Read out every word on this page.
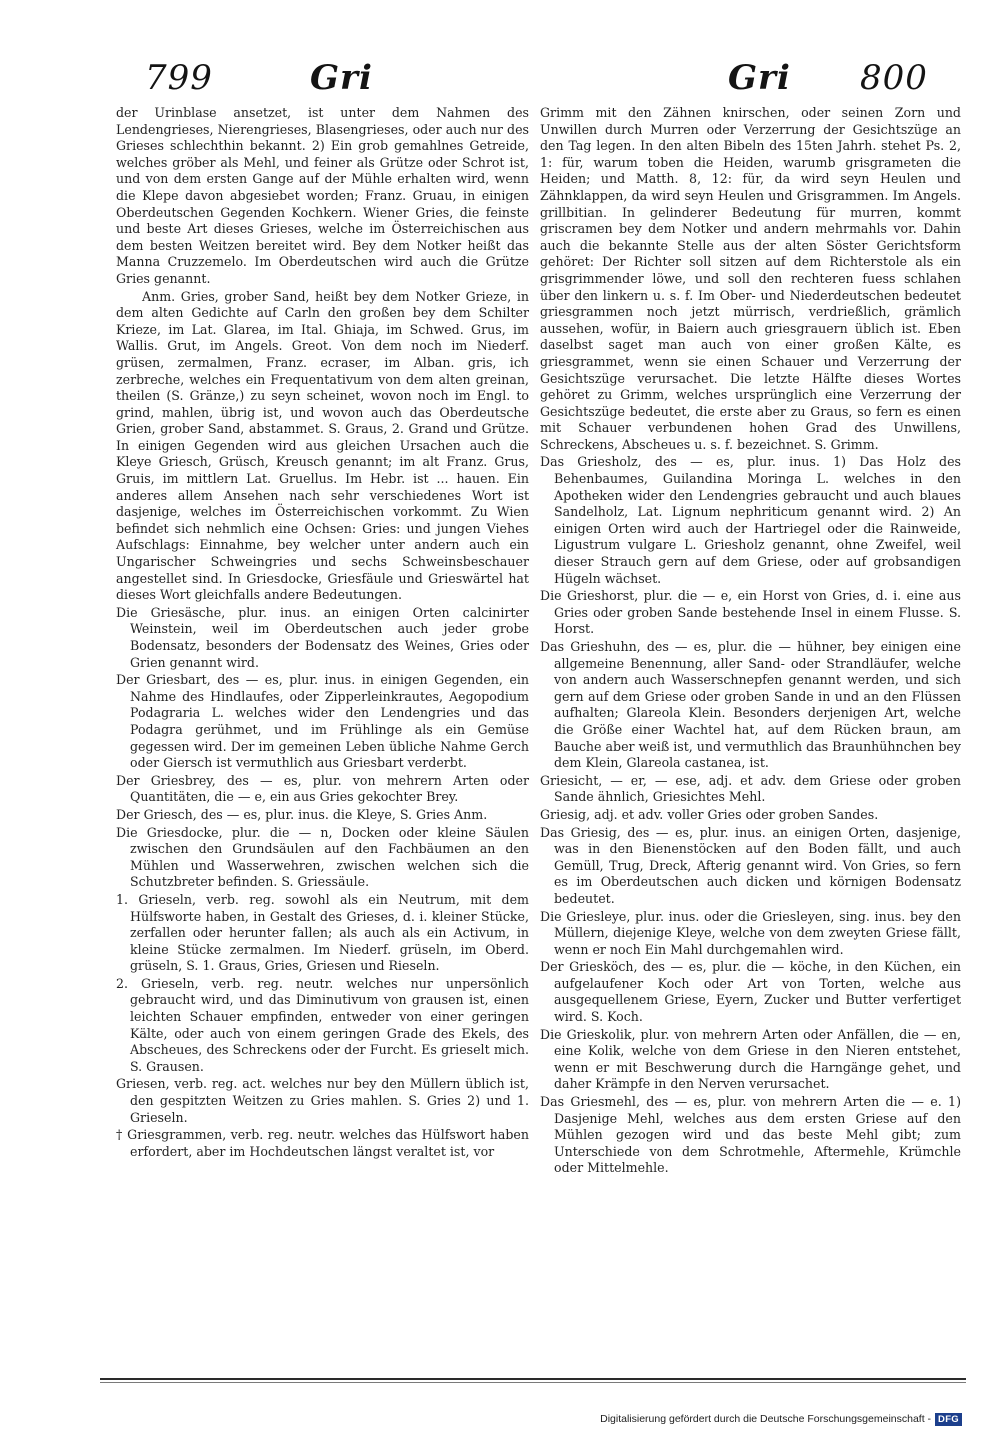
799	Gri	Gri 800

der Urinblase ansetzet, ist unter dem Nahmen des Lendengrieses, Nierengrieses, Blasengrieses, oder auch nur des Grieses schlechthin bekannt. 2) Ein grob gemahlnes Getreide, welches gröber als Mehl, und feiner als Grütze oder Schrot ist, und von dem ersten Gange auf der Mühle erhalten wird, wenn die Klepe davon abgesiebet worden; Franz. Gruau, in einigen Oberdeutschen Gegenden Kochkern. Wiener Gries, die feinste und beste Art dieses Grieses, welche im Österreichischen aus dem besten Weitzen bereitet wird. Bey dem Notker heißt das Manna Cruzzemelo. Im Oberdeutschen wird auch die Grütze Gries genannt.

Anm. Gries, grober Sand, heißt bey dem Notker Grieze, in dem alten Gedichte auf Carln den großen bey dem Schilter Krieze, im Lat. Glarea, im Ital. Ghiaja, im Schwed. Grus, im Wallis. Grut, im Angels. Greot. Von dem noch im Niederf. grüsen, zermalmen, Franz. ecraser, im Alban. gris, ich zerbreche, welches ein Frequentativum von dem alten greinan, theilen (S. Gränze,) zu seyn scheinet, wovon noch im Engl. to grind, mahlen, übrig ist, und wovon auch das Oberdeutsche Grien, grober Sand, abstammet. S. Graus, 2. Grand und Grütze. In einigen Gegenden wird aus gleichen Ursachen auch die Kleye Griesch, Grüsch, Kreusch genannt; im alt Franz. Grus, Gruis, im mittlern Lat. Gruellus. Im Hebr. ist ... hauen. Ein anderes allem Ansehen nach sehr verschiedenes Wort ist dasjenige, welches im Österreichischen vorkommt. Zu Wien befindet sich nehmlich eine Ochsen: Gries: und jungen Viehes Aufschlags: Einnahme, bey welcher unter andern auch ein Ungarischer Schweingries und sechs Schweinsbeschauer angestellet sind. In Griesdocke, Griesfäule und Grieswärtel hat dieses Wort gleichfalls andere Bedeutungen.

Die Griesäsche, plur. inus. an einigen Orten calcinirter Weinstein, weil im Oberdeutschen auch jeder grobe Bodensatz, besonders der Bodensatz des Weines, Gries oder Grien genannt wird.

Der Griesbart, des — es, plur. inus. in einigen Gegenden, ein Nahme des Hindlaufes, oder Zipperleinkrautes, Aegopodium Podagraria L. welches wider den Lendengries und das Podagra gerühmet, und im Frühlinge als ein Gemüse gegessen wird. Der im gemeinen Leben übliche Nahme Gerch oder Giersch ist vermuthlich aus Griesbart verderbt.

Der Griesbrey, des — es, plur. von mehrern Arten oder Quantitäten, die — e, ein aus Gries gekochter Brey.

Der Griesch, des — es, plur. inus. die Kleye, S. Gries Anm.

Die Griesdocke, plur. die — n, Docken oder kleine Säulen zwischen den Grundsäulen auf den Fachbäumen an den Mühlen und Wasserwehren, zwischen welchen sich die Schutzbreter befinden. S. Griessäule.

1. Grieseln, verb. reg. sowohl als ein Neutrum, mit dem Hülfsworte haben, in Gestalt des Grieses, d. i. kleiner Stücke, zerfallen oder herunter fallen; als auch als ein Activum, in kleine Stücke zermalmen. Im Niederf. grüseln, im Oberd. grüseln, S. 1. Graus, Gries, Griesen und Rieseln.

2. Grieseln, verb. reg. neutr. welches nur unpersönlich gebraucht wird, und das Diminutivum von grausen ist, einen leichten Schauer empfinden, entweder von einer geringen Kälte, oder auch von einem geringen Grade des Ekels, des Abscheues, des Schreckens oder der Furcht. Es grieselt mich. S. Grausen.

Griesen, verb. reg. act. welches nur bey den Müllern üblich ist, den gespitzten Weitzen zu Gries mahlen. S. Gries 2) und 1. Grieseln.

† Griesgrammen, verb. reg. neutr. welches das Hülfswort haben erfordert, aber im Hochdeutschen längst veraltet ist, vor

Grimm mit den Zähnen knirschen, oder seinen Zorn und Unwillen durch Murren oder Verzerrung der Gesichtszüge an den Tag legen. In den alten Bibeln des 15ten Jahrh. stehet Ps. 2, 1: für, warum toben die Heiden, warumb grisgrameten die Heiden; und Matth. 8, 12: für, da wird seyn Heulen und Zähnklappen, da wird seyn Heulen und Grisgrammen. Im Angels. grillbitian. In gelinderer Bedeutung für murren, kommt griscramen bey dem Notker und andern mehrmahls vor. Dahin auch die bekannte Stelle aus der alten Söster Gerichtsform gehöret: Der Richter soll sitzen auf dem Richterstole als ein grisgrimmender löwe, und soll den rechteren fuess schlahen über den linkern u. s. f. Im Ober- und Niederdeutschen bedeutet griesgrammen noch jetzt mürrisch, verdrießlich, grämlich aussehen, wofür, in Baiern auch griesgrauern üblich ist. Eben daselbst saget man auch von einer großen Kälte, es griesgrammet, wenn sie einen Schauer und Verzerrung der Gesichtszüge verursachet. Die letzte Hälfte dieses Wortes gehöret zu Grimm, welches ursprünglich eine Verzerrung der Gesichtszüge bedeutet, die erste aber zu Graus, so fern es einen mit Schauer verbundenen hohen Grad des Unwillens, Schreckens, Abscheues u. s. f. bezeichnet. S. Grimm.

Das Griesholz, des — es, plur. inus. 1) Das Holz des Behenbaumes, Guilandina Moringa L. welches in den Apotheken wider den Lendengries gebraucht und auch blaues Sandelholz, Lat. Lignum nephriticum genannt wird. 2) An einigen Orten wird auch der Hartriegel oder die Rainweide, Ligustrum vulgare L. Griesholz genannt, ohne Zweifel, weil dieser Strauch gern auf dem Griese, oder auf grobsandigen Hügeln wächset.

Die Grieshorst, plur. die — e, ein Horst von Gries, d. i. eine aus Gries oder groben Sande bestehende Insel in einem Flusse. S. Horst.

Das Grieshuhn, des — es, plur. die — hühner, bey einigen eine allgemeine Benennung, aller Sand- oder Strandläufer, welche von andern auch Wasserschnepfen genannt werden, und sich gern auf dem Griese oder groben Sande in und an den Flüssen aufhalten; Glareola Klein. Besonders derjenigen Art, welche die Größe einer Wachtel hat, auf dem Rücken braun, am Bauche aber weiß ist, und vermuthlich das Braunhühnchen bey dem Klein, Glareola castanea, ist.

Griesicht, — er, — ese, adj. et adv. dem Griese oder groben Sande ähnlich, Griesichtes Mehl.

Griesig, adj. et adv. voller Gries oder groben Sandes.

Das Griesig, des — es, plur. inus. an einigen Orten, dasjenige, was in den Bienenstöcken auf den Boden fällt, und auch Gemüll, Trug, Dreck, Afterig genannt wird. Von Gries, so fern es im Oberdeutschen auch dicken und körnigen Bodensatz bedeutet.

Die Griesleye, plur. inus. oder die Griesleyen, sing. inus. bey den Müllern, diejenige Kleye, welche von dem zweyten Griese fällt, wenn er noch Ein Mahl durchgemahlen wird.

Der Griesköch, des — es, plur. die — köche, in den Küchen, ein aufgelaufener Koch oder Art von Torten, welche aus ausgequellenem Griese, Eyern, Zucker und Butter verfertiget wird. S. Koch.

Die Grieskolik, plur. von mehrern Arten oder Anfällen, die — en, eine Kolik, welche von dem Griese in den Nieren entstehet, wenn er mit Beschwerung durch die Harngänge gehet, und daher Krämpfe in den Nerven verursachet.

Das Griesmehl, des — es, plur. von mehrern Arten die — e. 1) Dasjenige Mehl, welches aus dem ersten Griese auf den Mühlen gezogen wird und das beste Mehl gibt; zum Unterschiede von dem Schrotmehle, Aftermehle, Krümchle oder Mittelmehle.

Digitalisierung gefördert durch die Deutsche Forschungsgemeinschaft - DFG
